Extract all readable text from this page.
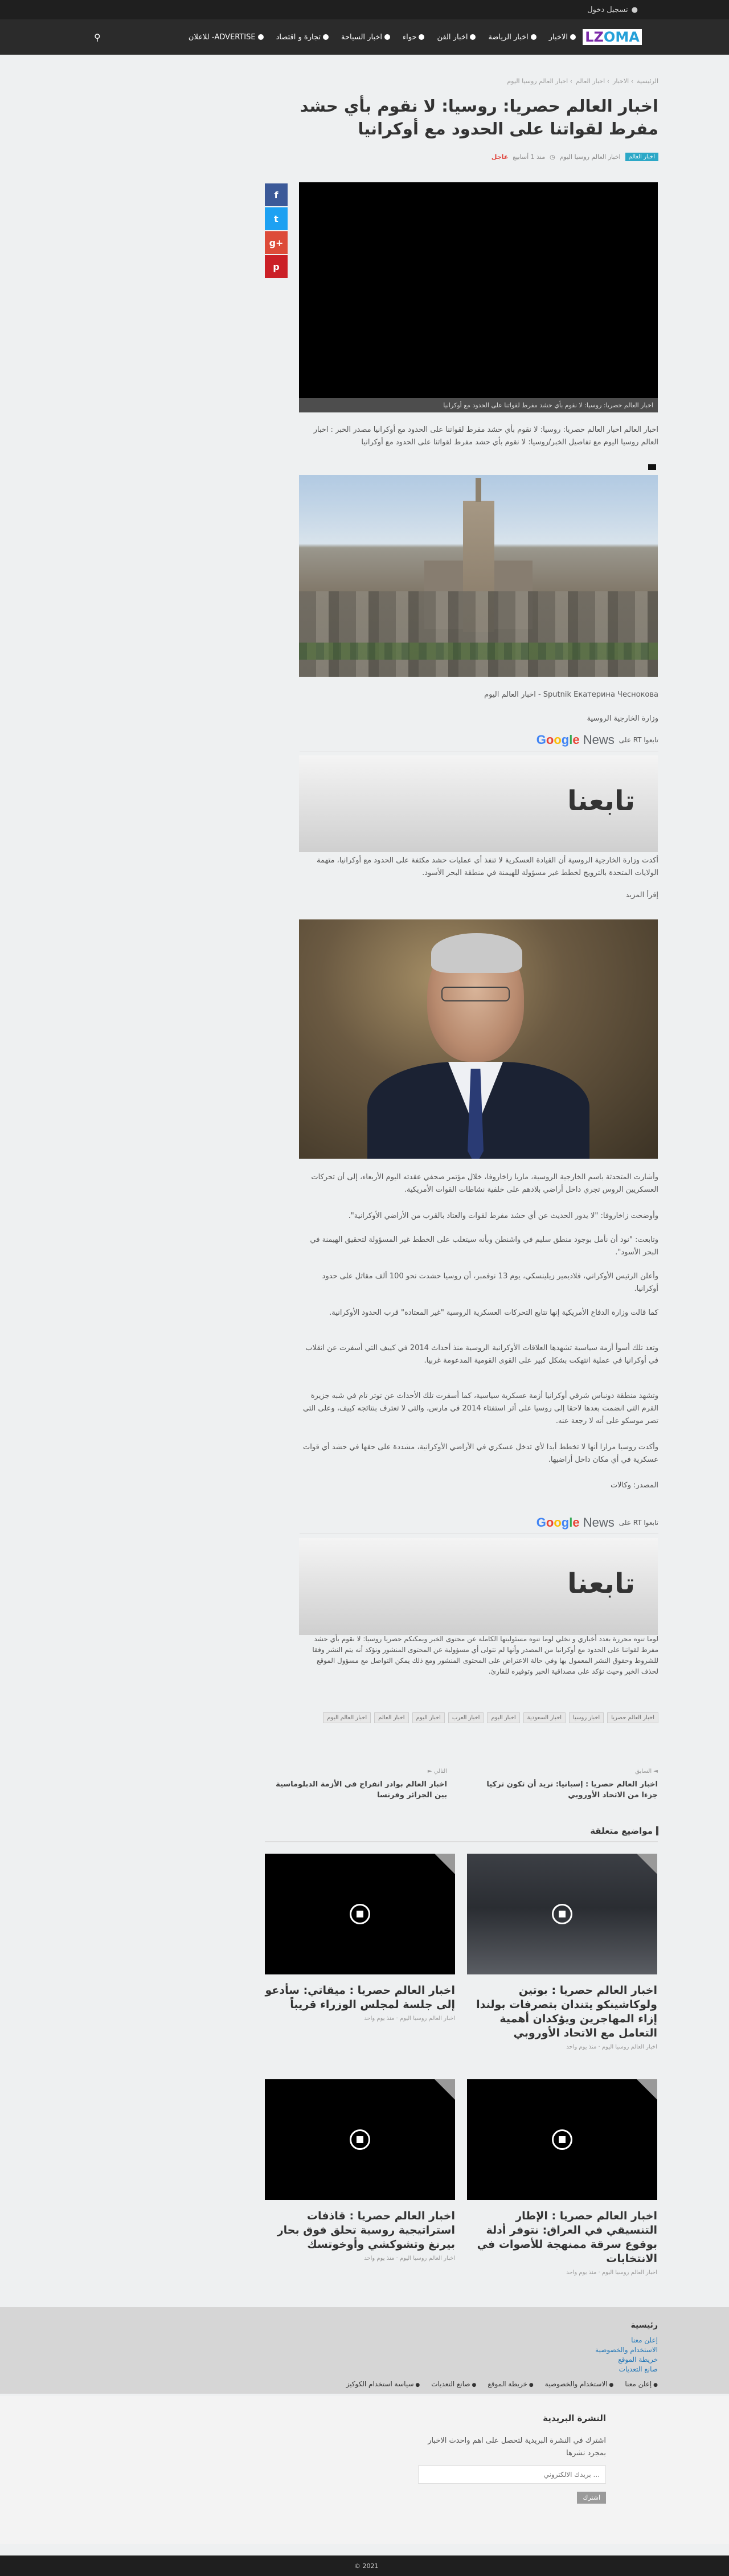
●
تسجيل دخول
LZOMA
الاخبار
اخبار الرياضة
اخبار الفن
حواء
اخبار السياحة
تجارة و اقتصاد
ADVERTISE- للاعلان
⚲
الرئيسية› الاخبار› اخبار العالم› اخبار العالم روسيا اليوم
اخبار العالم حصريا: روسيا: لا نقوم بأي حشد مفرط لقواتنا على الحدود مع أوكرانيا
اخبار العالم
اخبار العالم روسيا اليوم
◷
منذ 1 أسابيع
عاجل
f
t
g+
p
اخبار العالم حصريا: روسيا: لا نقوم بأي حشد مفرط لقواتنا على الحدود مع أوكرانيا

اخبار العالم اخبار العالم حصريا: روسيا: لا نقوم بأي حشد مفرط لقواتنا على الحدود مع أوكرانيا مصدر الخبر : اخبار العالم روسيا اليوم مع تفاصيل الخبر/روسيا: لا نقوم بأي حشد مفرط لقواتنا على الحدود مع أوكرانيا

Sputnik Екатерина Чеснокова - اخبار العالم اليوم
وزارة الخارجية الروسية
تابعوا RT على
Google News
تابعنا

أكدت وزارة الخارجية الروسية أن القيادة العسكرية لا تنفذ أي عمليات حشد مكثفة على الحدود مع أوكرانيا، متهمة الولايات المتحدة بالترويج لخطط غير مسؤولة للهيمنة في منطقة البحر الأسود.

إقرأ المزيد

وأشارت المتحدثة باسم الخارجية الروسية، ماريا زاخاروفا، خلال مؤتمر صحفي عقدته اليوم الأربعاء، إلى أن تحركات العسكريين الروس تجري داخل أراضي بلادهم على خلفية نشاطات القوات الأمريكية.

وأوضحت زاخاروفا: "لا يدور الحديث عن أي حشد مفرط لقوات والعتاد بالقرب من الأراضي الأوكرانية".

وتابعت: "نود أن نأمل بوجود منطق سليم في واشنطن وبأنه سيتغلب على الخطط غير المسؤولة لتحقيق الهيمنة في البحر الأسود".

وأعلن الرئيس الأوكراني، فلاديمير زيلينسكي، يوم 13 نوفمبر، أن روسيا حشدت نحو 100 ألف مقاتل على حدود أوكرانيا.

كما قالت وزارة الدفاع الأمريكية إنها تتابع التحركات العسكرية الروسية "غير المعتادة" قرب الحدود الأوكرانية.

وتعد تلك أسوأ أزمة سياسية تشهدها العلاقات الأوكرانية الروسية منذ أحداث 2014 في كييف التي أسفرت عن انقلاب في أوكرانيا في عملية انتهكت بشكل كبير على القوى القومية المدعومة غربيا.

وتشهد منطقة دونباس شرقي أوكرانيا أزمة عسكرية سياسية، كما أسفرت تلك الأحداث عن توتر تام في شبه جزيرة القرم التي انضمت بعدها لاحقا إلى روسيا على أثر استفتاء 2014 في مارس، والتي لا تعترف بنتائجه كييف، وعلى التي تصر موسكو على أنه لا رجعة عنه.

وأكدت روسيا مرارا أنها لا تخطط أبدا لأي تدخل عسكري في الأراضي الأوكرانية، مشددة على حقها في حشد أي قوات عسكرية في أي مكان داخل أراضيها.

المصدر: وكالات
تابعوا RT على
Google News
تابعنا

لوما تنوه محررة بعدد أخباري و نخلي لوما تنوه مسئوليتها الكاملة عن محتوى الخبر ويمكنكم حصريا روسيا: لا نقوم بأي حشد مفرط لقواتنا على الحدود مع أوكرانيا من المصدر وأنها لم تتولى أي مسؤولية عن المحتوى المنشور ونؤكد أنه يتم النشر وفقا للشروط وحقوق النشر المعمول بها وفي حالة الاعتراض على المحتوى المنشور ومع ذلك يمكن التواصل مع مسؤول الموقع لحذف الخبر وحيث نؤكد على مصداقية الخبر وتوفيره للقارئ.

اخبار العالم حصريا
اخبار روسيا
اخبار السعودية
اخبار اليوم
اخبار العرب
اخبار اليوم
اخبار العالم
اخبار العالم اليوم
◄ السابق
اخبار العالم حصريا : إسبانيا: نريد أن تكون تركيا جزءا من الاتحاد الأوروبي
التالي ►
اخبار العالم بوادر انفراج في الأزمة الدبلوماسية بين الجزائر وفرنسا
مواضيع متعلقة
اخبار العالم حصريا : بوتين ولوكاشينكو يتندان بتصرفات بولندا إزاء المهاجرين ويؤكدان أهمية التعامل مع الاتحاد الأوروبي
اخبار العالم روسيا اليوم · منذ يوم واحد
اخبار العالم حصريا : ميقاتي: سأدعو إلى جلسة لمجلس الوزراء قريباً
اخبار العالم روسيا اليوم · منذ يوم واحد
اخبار العالم حصريا : الإطار التنسيقي في العراق: نتوفر أدلة بوقوع سرقة ممنهجة للأصوات في الانتخابات
اخبار العالم روسيا اليوم · منذ يوم واحد
اخبار العالم حصريا : قاذفات استراتيجية روسية تحلق فوق بحار بيرنغ وتشوكشي وأوخوتسك
اخبار العالم روسيا اليوم · منذ يوم واحد
رئيسية
إعلن معنا
الاستخدام والخصوصية
خريطة الموقع
صانع التعديات
● إعلن معنا
● الاستخدام والخصوصية
● خريطة الموقع
● صانع التعديات
● سياسة استخدام الكوكيز
النشرة البريدية

اشترك في النشرة البريدية لتحصل على اهم واحدث الاخبار بمجرد نشرها

... بريدك الالكتروني
اشترك
© 2021
